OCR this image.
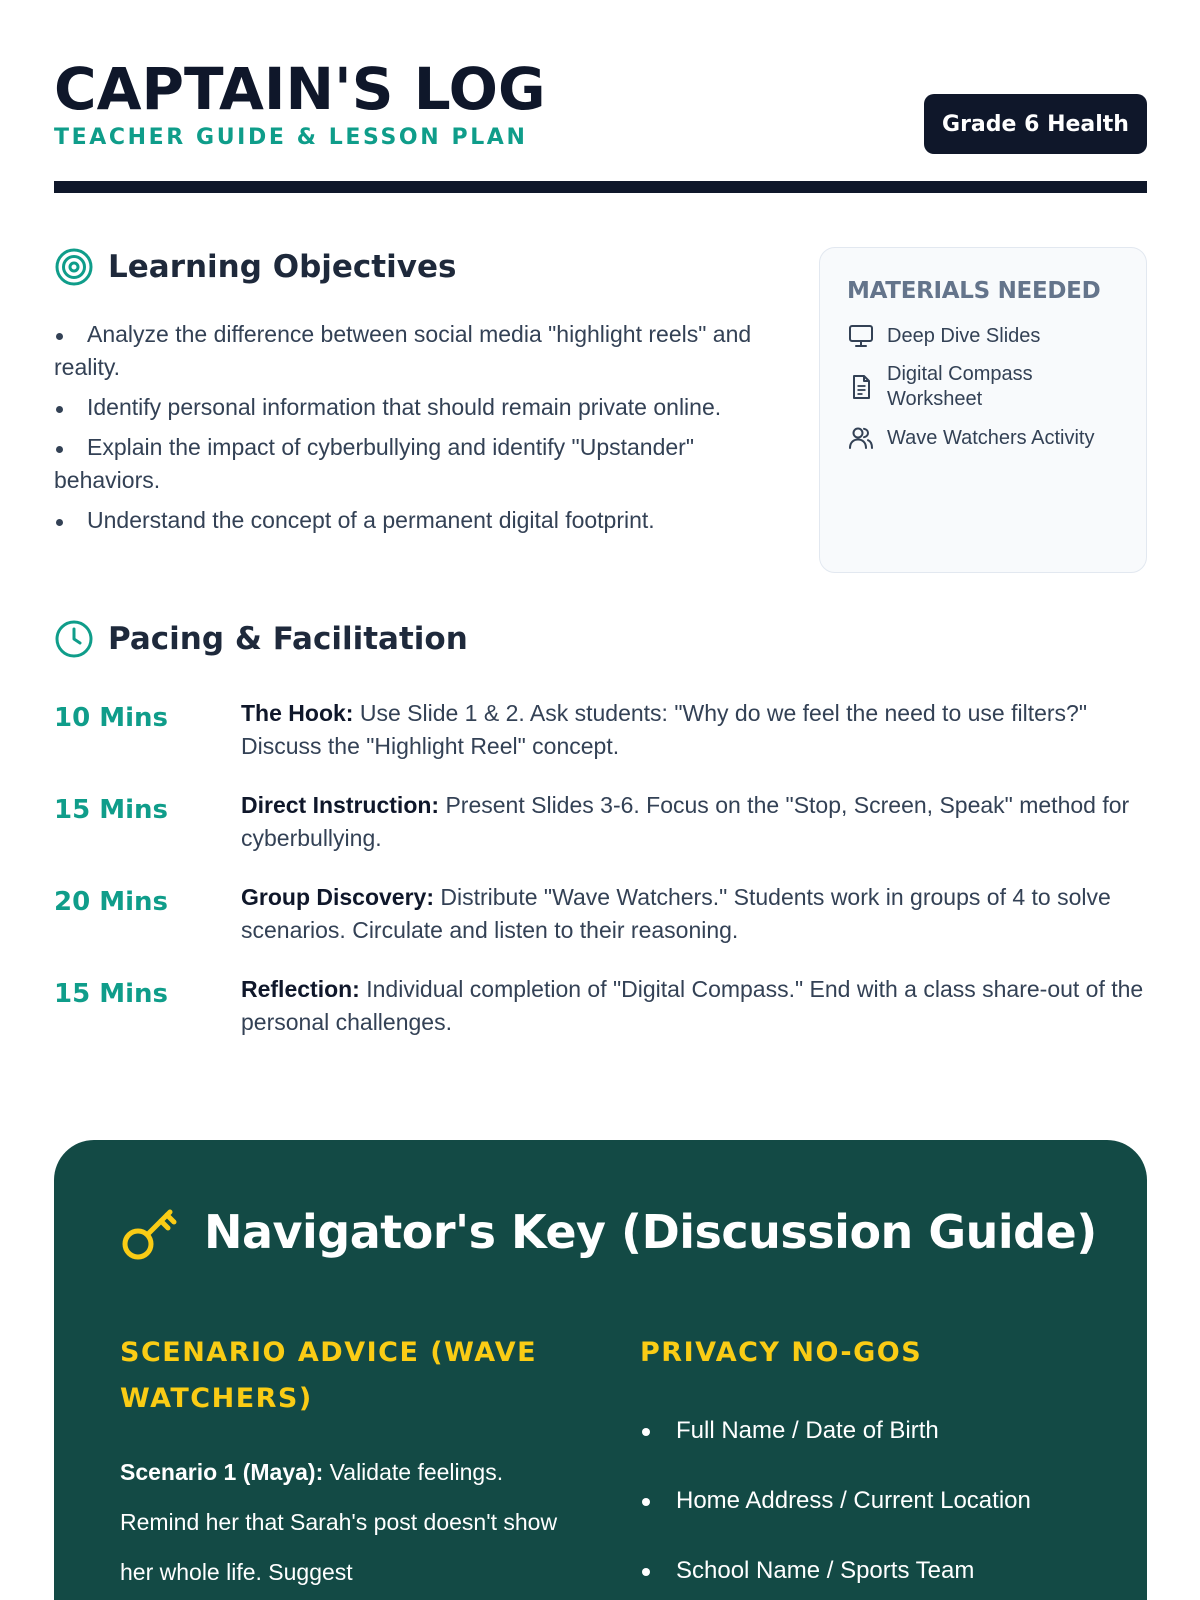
CAPTAIN'S LOG
TEACHER GUIDE & LESSON PLAN
Grade 6 Health
Learning Objectives
Analyze the difference between social media "highlight reels" and reality.
Identify personal information that should remain private online.
Explain the impact of cyberbullying and identify "Upstander" behaviors.
Understand the concept of a permanent digital footprint.
MATERIALS NEEDED
Deep Dive Slides
Digital Compass Worksheet
Wave Watchers Activity
Pacing & Facilitation
10 Mins	The Hook: Use Slide 1 & 2. Ask students: "Why do we feel the need to use filters?" Discuss the "Highlight Reel" concept.
15 Mins	Direct Instruction: Present Slides 3-6. Focus on the "Stop, Screen, Speak" method for cyberbullying.
20 Mins	Group Discovery: Distribute "Wave Watchers." Students work in groups of 4 to solve scenarios. Circulate and listen to their reasoning.
15 Mins	Reflection: Individual completion of "Digital Compass." End with a class share-out of the personal challenges.
Navigator's Key (Discussion Guide)
SCENARIO ADVICE (WAVE WATCHERS)
Scenario 1 (Maya): Validate feelings. Remind her that Sarah's post doesn't show her whole life. Suggest
PRIVACY NO-GOS
Full Name / Date of Birth
Home Address / Current Location
School Name / Sports Team
